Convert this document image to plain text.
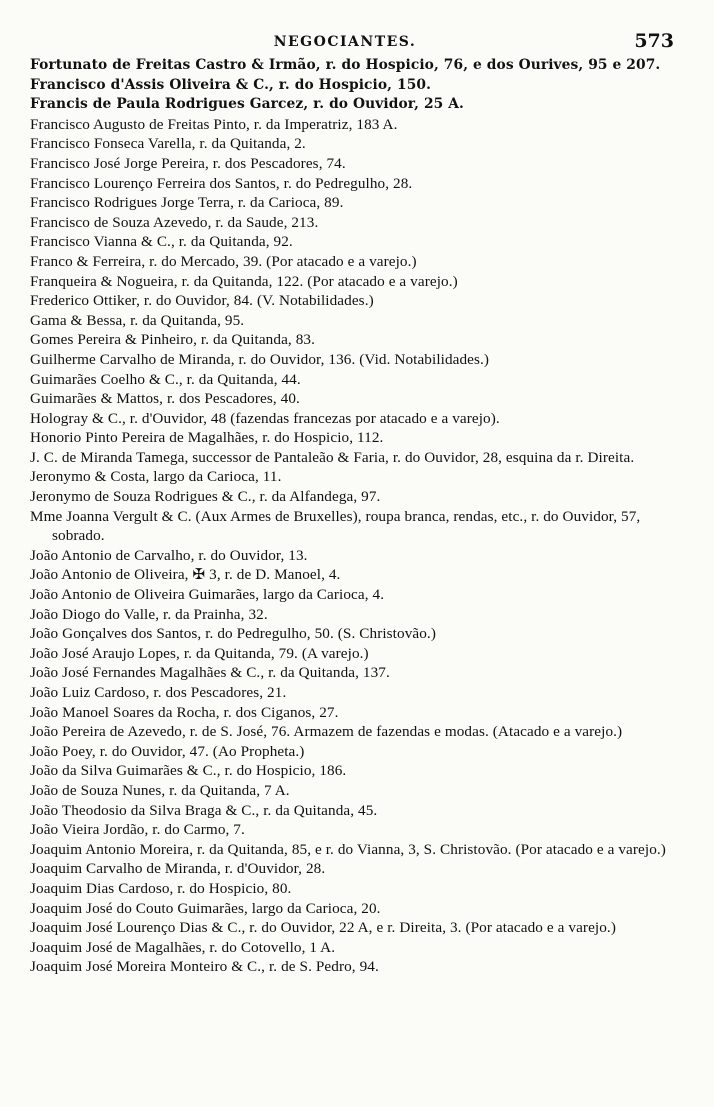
NEGOCIANTES.	573
Fortunato de Freitas Castro & Irmão, r. do Hospicio, 76, e dos Ourives, 95 e 207.
Francisco d'Assis Oliveira & C., r. do Hospicio, 150.
Francis de Paula Rodrigues Garcez, r. do Ouvidor, 25 A.
Francisco Augusto de Freitas Pinto, r. da Imperatriz, 183 A.
Francisco Fonseca Varella, r. da Quitanda, 2.
Francisco José Jorge Pereira, r. dos Pescadores, 74.
Francisco Lourenço Ferreira dos Santos, r. do Pedregulho, 28.
Francisco Rodrigues Jorge Terra, r. da Carioca, 89.
Francisco de Souza Azevedo, r. da Saude, 213.
Francisco Vianna & C., r. da Quitanda, 92.
Franco & Ferreira, r. do Mercado, 39. (Por atacado e a varejo.)
Franqueira & Nogueira, r. da Quitanda, 122. (Por atacado e a varejo.)
Frederico Ottiker, r. do Ouvidor, 84. (V. Notabilidades.)
Gama & Bessa, r. da Quitanda, 95.
Gomes Pereira & Pinheiro, r. da Quitanda, 83.
Guilherme Carvalho de Miranda, r. do Ouvidor, 136. (Vid. Notabilidades.)
Guimarães Coelho & C., r. da Quitanda, 44.
Guimarães & Mattos, r. dos Pescadores, 40.
Hologray & C., r. d'Ouvidor, 48 (fazendas francezas por atacado e a varejo).
Honorio Pinto Pereira de Magalhães, r. do Hospicio, 112.
J. C. de Miranda Tamega, successor de Pantaleão & Faria, r. do Ouvidor, 28, esquina da r. Direita.
Jeronymo & Costa, largo da Carioca, 11.
Jeronymo de Souza Rodrigues & C., r. da Alfandega, 97.
Mme Joanna Vergult & C. (Aux Armes de Bruxelles), roupa branca, rendas, etc., r. do Ouvidor, 57, sobrado.
João Antonio de Carvalho, r. do Ouvidor, 13.
João Antonio de Oliveira, ✠ 3, r. de D. Manoel, 4.
João Antonio de Oliveira Guimarães, largo da Carioca, 4.
João Diogo do Valle, r. da Prainha, 32.
João Gonçalves dos Santos, r. do Pedregulho, 50. (S. Christovão.)
João José Araujo Lopes, r. da Quitanda, 79. (A varejo.)
João José Fernandes Magalhães & C., r. da Quitanda, 137.
João Luiz Cardoso, r. dos Pescadores, 21.
João Manoel Soares da Rocha, r. dos Ciganos, 27.
João Pereira de Azevedo, r. de S. José, 76. Armazem de fazendas e modas. (Atacado e a varejo.)
João Poey, r. do Ouvidor, 47. (Ao Propheta.)
João da Silva Guimarães & C., r. do Hospicio, 186.
João de Souza Nunes, r. da Quitanda, 7 A.
João Theodosio da Silva Braga & C., r. da Quitanda, 45.
João Vieira Jordão, r. do Carmo, 7.
Joaquim Antonio Moreira, r. da Quitanda, 85, e r. do Vianna, 3, S. Christovão. (Por atacado e a varejo.)
Joaquim Carvalho de Miranda, r. d'Ouvidor, 28.
Joaquim Dias Cardoso, r. do Hospicio, 80.
Joaquim José do Couto Guimarães, largo da Carioca, 20.
Joaquim José Lourenço Dias & C., r. do Ouvidor, 22 A, e r. Direita, 3. (Por atacado e a varejo.)
Joaquim José de Magalhães, r. do Cotovello, 1 A.
Joaquim José Moreira Monteiro & C., r. de S. Pedro, 94.
